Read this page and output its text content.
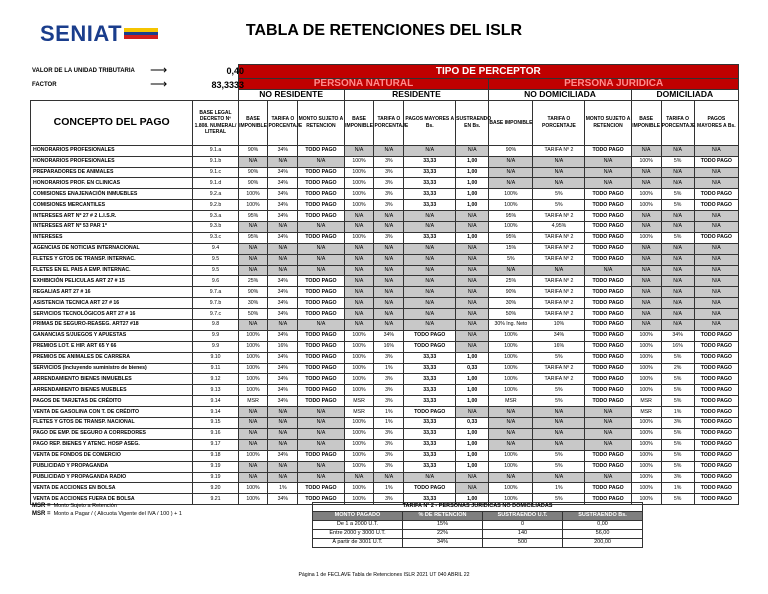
SENIAT	TABLA DE RETENCIONES DEL ISLR
		TIPO DE PERCEPTOR												
		PERSONA NATURAL							PERSONA JURIDICA					
		NO RESIDENTE			RESIDENTE				NO DOMICILIADA			DOMICILIADA		
CONCEPTO DEL PAGO	BASE LEGAL DECRETO Nº 1.808. NUMERAL/ LITERAL	BASE IMPONIBLE	TARIFA O PORCENTAJE	MONTO SUJETO A RETENCION	BASE IMPONIBLE	TARIFA O PORCENTAJE	PAGOS MAYORES A Bs.	SUSTRAENDO EN Bs.	BASE IMPONIBLE	TARIFA O PORCENTAJE	MONTO SUJETO A RETENCION	BASE IMPONIBLE	TARIFA O PORCENTAJE	PAGOS MAYORES A Bs.
HONORARIOS PROFESIONALES	9.1.a	90%	34%	TODO PAGO	N/A	N/A	N/A	N/A	90%	TARIFA Nº 2	TODO PAGO	N/A	N/A	N/A
HONORARIOS PROFESIONALES	9.1.b	N/A	N/A	N/A	100%	3%	33,33	1,00	N/A	N/A	N/A	100%	5%	TODO PAGO
PREPARADORES DE ANIMALES	9.1.c	90%	34%	TODO PAGO	100%	3%	33,33	1,00	N/A	N/A	N/A	N/A	N/A	N/A
HONORARIOS PROF. EN CLINICAS	9.1.d	90%	34%	TODO PAGO	100%	3%	33,33	1,00	N/A	N/A	N/A	N/A	N/A	N/A
COMISIONES ENAJENACIÓN INMUEBLES	9.2.a	100%	34%	TODO PAGO	100%	3%	33,33	1,00	100%	5%	TODO PAGO	100%	5%	TODO PAGO
COMISIONES MERCANTILES	9.2.b	100%	34%	TODO PAGO	100%	3%	33,33	1,00	100%	5%	TODO PAGO	100%	5%	TODO PAGO
INTERESES ART Nº 27 # 2 L.I.S.R.	9.3.a	95%	34%	TODO PAGO	N/A	N/A	N/A	N/A	95%	TARIFA Nº 2	TODO PAGO	N/A	N/A	N/A
INTERESES ART Nº 53 PAR 1º	9.3.b	N/A	N/A	N/A	N/A	N/A	N/A	N/A	100%	4,95%	TODO PAGO	N/A	N/A	N/A
INTERESES	9.3.c	95%	34%	TODO PAGO	100%	3%	33,33	1,00	95%	TARIFA Nº 2	TODO PAGO	100%	5%	TODO PAGO
AGENCIAS DE NOTICIAS INTERNACIONAL	9.4	N/A	N/A	N/A	N/A	N/A	N/A	N/A	15%	TARIFA Nº 2	TODO PAGO	N/A	N/A	N/A
FLETES Y GTOS DE TRANSP. INTERNAC.	9.5	N/A	N/A	N/A	N/A	N/A	N/A	N/A	5%	TARIFA Nº 2	TODO PAGO	N/A	N/A	N/A
FLETES EN EL PAIS A EMP. INTERNAC.	9.5	N/A	N/A	N/A	N/A	N/A	N/A	N/A	N/A	N/A	N/A	N/A	N/A	N/A
EXHIBICIÓN PELICULAS ART 27 # 15	9.6	25%	34%	TODO PAGO	N/A	N/A	N/A	N/A	25%	TARIFA Nº 2	TODO PAGO	N/A	N/A	N/A
REGALIAS ART 27 # 16	9.7.a	90%	34%	TODO PAGO	N/A	N/A	N/A	N/A	90%	TARIFA Nº 2	TODO PAGO	N/A	N/A	N/A
ASISTENCIA TECNICA ART 27 # 16	9.7.b	30%	34%	TODO PAGO	N/A	N/A	N/A	N/A	30%	TARIFA Nº 2	TODO PAGO	N/A	N/A	N/A
SERVICIOS TECNOLÓGICOS ART 27 # 16	9.7.c	50%	34%	TODO PAGO	N/A	N/A	N/A	N/A	50%	TARIFA Nº 2	TODO PAGO	N/A	N/A	N/A
PRIMAS DE SEGURO-REASEG. ART27 #18	9.8	N/A	N/A	N/A	N/A	N/A	N/A	N/A	30% Ing. Neto	10%	TODO PAGO	N/A	N/A	N/A
GANANCIAS S/JUEGOS Y APUESTAS	9.9	100%	34%	TODO PAGO	100%	34%	TODO PAGO	N/A	100%	34%	TODO PAGO	100%	34%	TODO PAGO
PREMIOS LOT. E HIP. ART 65 Y 66	9.9	100%	16%	TODO PAGO	100%	16%	TODO PAGO	N/A	100%	16%	TODO PAGO	100%	16%	TODO PAGO
PREMIOS DE ANIMALES DE CARRERA	9.10	100%	34%	TODO PAGO	100%	3%	33,33	1,00	100%	5%	TODO PAGO	100%	5%	TODO PAGO
SERVICIOS (Incluyendo suministro de bienes)	9.11	100%	34%	TODO PAGO	100%	1%	33,33	0,33	100%	TARIFA Nº 2	TODO PAGO	100%	2%	TODO PAGO
ARRENDAMIENTO BIENES INMUEBLES	9.12	100%	34%	TODO PAGO	100%	3%	33,33	1,00	100%	TARIFA Nº 2	TODO PAGO	100%	5%	TODO PAGO
ARRENDAMIENTO BIENES MUEBLES	9.13	100%	34%	TODO PAGO	100%	3%	33,33	1,00	100%	5%	TODO PAGO	100%	5%	TODO PAGO
PAGOS DE TARJETAS DE CRÉDITO	9.14	MSR	34%	TODO PAGO	MSR	3%	33,33	1,00	MSR	5%	TODO PAGO	MSR	5%	TODO PAGO
VENTA DE GASOLINA CON T. DE CRÉDITO	9.14	N/A	N/A	N/A	MSR	1%	TODO PAGO	N/A	N/A	N/A	N/A	MSR	1%	TODO PAGO
FLETES Y GTOS DE TRANSP. NACIONAL	9.15	N/A	N/A	N/A	100%	1%	33,33	0,33	N/A	N/A	N/A	100%	3%	TODO PAGO
PAGO DE EMP. DE SEGURO A CORREDORES	9.16	N/A	N/A	N/A	100%	3%	33,33	1,00	N/A	N/A	N/A	100%	5%	TODO PAGO
PAGO REP. BIENES Y ATENC. HOSP ASEG.	9.17	N/A	N/A	N/A	100%	3%	33,33	1,00	N/A	N/A	N/A	100%	5%	TODO PAGO
VENTA DE FONDOS DE COMERCIO	9.18	100%	34%	TODO PAGO	100%	3%	33,33	1,00	100%	5%	TODO PAGO	100%	5%	TODO PAGO
PUBLICIDAD Y PROPAGANDA	9.19	N/A	N/A	N/A	100%	3%	33,33	1,00	100%	5%	TODO PAGO	100%	5%	TODO PAGO
PUBLICIDAD Y PROPAGANDA RADIO	9.19	N/A	N/A	N/A	N/A	N/A	N/A	N/A	N/A	N/A	N/A	100%	3%	TODO PAGO
VENTA DE ACCIONES EN BOLSA	9.20	100%	1%	TODO PAGO	100%	1%	TODO PAGO	N/A	100%	1%	TODO PAGO	100%	1%	TODO PAGO
VENTA DE ACCIONES FUERA DE BOLSA	9.21	100%	34%	TODO PAGO	100%	3%	33,33	1,00	100%	5%	TODO PAGO	100%	5%	TODO PAGO
VALOR DE LA UNIDAD TRIBUTARIA ⟶	0,40
FACTOR	⟶	83,3333
MSR = Monto Sujeto a Retención
MSR = Monto a Pagar / ( Alicuota Vigente del IVA / 100 ) + 1
TARIFA Nº 2 - PERSONAS JURIDICAS NO DOMICILIADAS			
MONTO PAGADO	% DE RETENCION	SUSTRAENDO U.T.	SUSTRAENDO Bs.
De 1 a 2000 U.T.	15%	0	0,00
Entre 2000 y 3000 U.T.	22%	140	56,00
A partir de 3001 U.T.	34%	500	200,00
Página 1 de FECLAVE Tabla de Retenciones ISLR 2021 UT 040 ABRIL 22
